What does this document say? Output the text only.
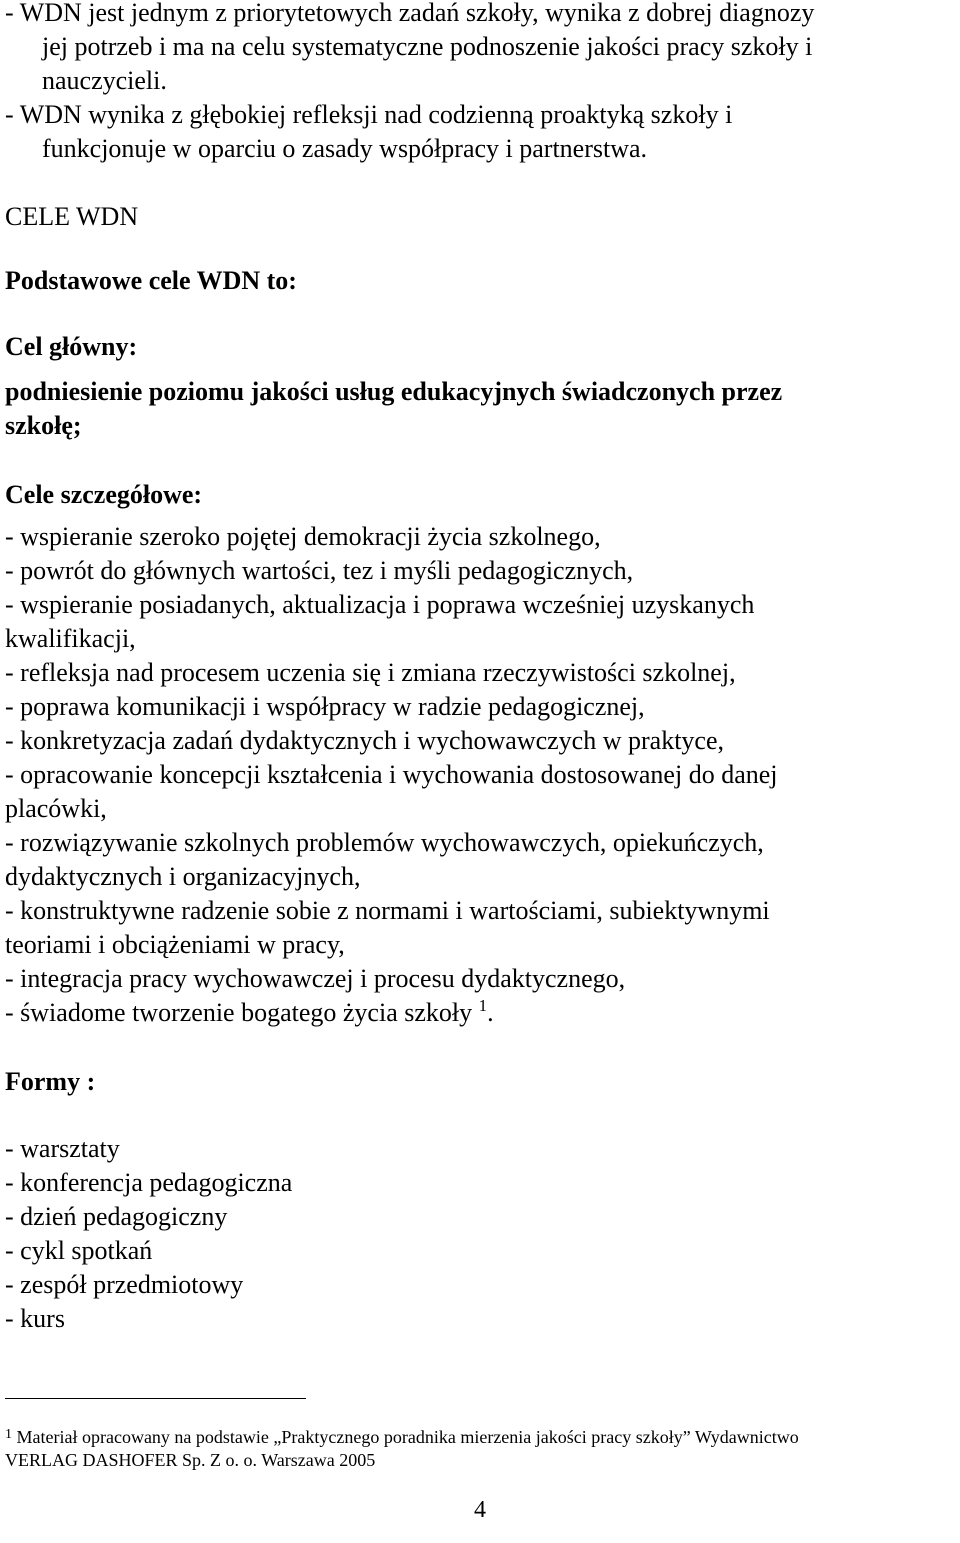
- WDN jest jednym z priorytetowych zadań szkoły, wynika z dobrej diagnozy
jej potrzeb i ma na celu systematyczne podnoszenie jakości pracy szkoły i
nauczycieli.
- WDN wynika z głębokiej refleksji nad codzienną proaktyką szkoły i
funkcjonuje w oparciu o zasady współpracy i partnerstwa.
CELE WDN
Podstawowe cele WDN to:
Cel główny:
podniesienie poziomu jakości usług edukacyjnych świadczonych przez
szkołę;
Cele szczegółowe:
- wspieranie szeroko pojętej demokracji życia szkolnego,
- powrót do głównych wartości, tez i myśli pedagogicznych,
- wspieranie posiadanych, aktualizacja i poprawa wcześniej uzyskanych
kwalifikacji,
- refleksja nad procesem uczenia się i zmiana rzeczywistości szkolnej,
- poprawa komunikacji i współpracy w radzie pedagogicznej,
- konkretyzacja zadań dydaktycznych i wychowawczych w praktyce,
- opracowanie koncepcji kształcenia i wychowania dostosowanej do danej
placówki,
- rozwiązywanie szkolnych problemów wychowawczych, opiekuńczych,
dydaktycznych i organizacyjnych,
- konstruktywne radzenie sobie z normami i wartościami, subiektywnymi
teoriami i obciążeniami w pracy,
- integracja pracy wychowawczej i procesu dydaktycznego,
- świadome tworzenie bogatego życia szkoły $^1$.
Formy :
- warsztaty
- konferencja pedagogiczna
- dzień pedagogiczny
- cykl spotkań
- zespół przedmiotowy
- kurs
$^1$ Materiał opracowany na podstawie „Praktycznego poradnika mierzenia jakości pracy szkoły” Wydawnictwo
VERLAG DASHOFER Sp. Z o. o. Warszawa 2005
4
